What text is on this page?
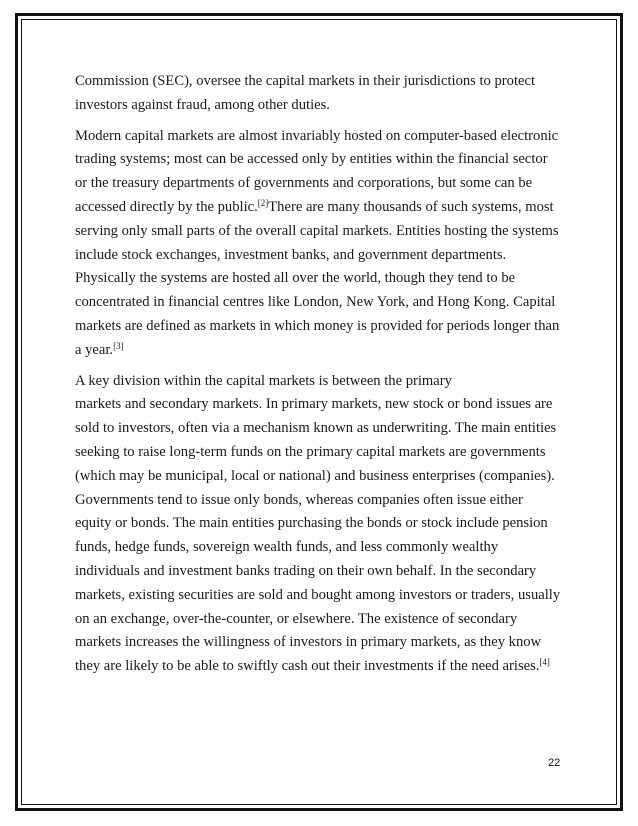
Commission (SEC), oversee the capital markets in their jurisdictions to protect
investors against fraud, among other duties.

Modern capital markets are almost invariably hosted on computer-based electronic
trading systems; most can be accessed only by entities within the financial sector
or the treasury departments of governments and corporations, but some can be
accessed directly by the public.[2]There are many thousands of such systems, most
serving only small parts of the overall capital markets. Entities hosting the systems
include stock exchanges, investment banks, and government departments.
Physically the systems are hosted all over the world, though they tend to be
concentrated in financial centres like London, New York, and Hong Kong. Capital
markets are defined as markets in which money is provided for periods longer than
a year.[3]

A key division within the capital markets is between the primary
markets and secondary markets. In primary markets, new stock or bond issues are
sold to investors, often via a mechanism known as underwriting. The main entities
seeking to raise long-term funds on the primary capital markets are governments
(which may be municipal, local or national) and business enterprises (companies).
Governments tend to issue only bonds, whereas companies often issue either
equity or bonds. The main entities purchasing the bonds or stock include pension
funds, hedge funds, sovereign wealth funds, and less commonly wealthy
individuals and investment banks trading on their own behalf. In the secondary
markets, existing securities are sold and bought among investors or traders, usually
on an exchange, over-the-counter, or elsewhere. The existence of secondary
markets increases the willingness of investors in primary markets, as they know
they are likely to be able to swiftly cash out their investments if the need arises.[4]

22
